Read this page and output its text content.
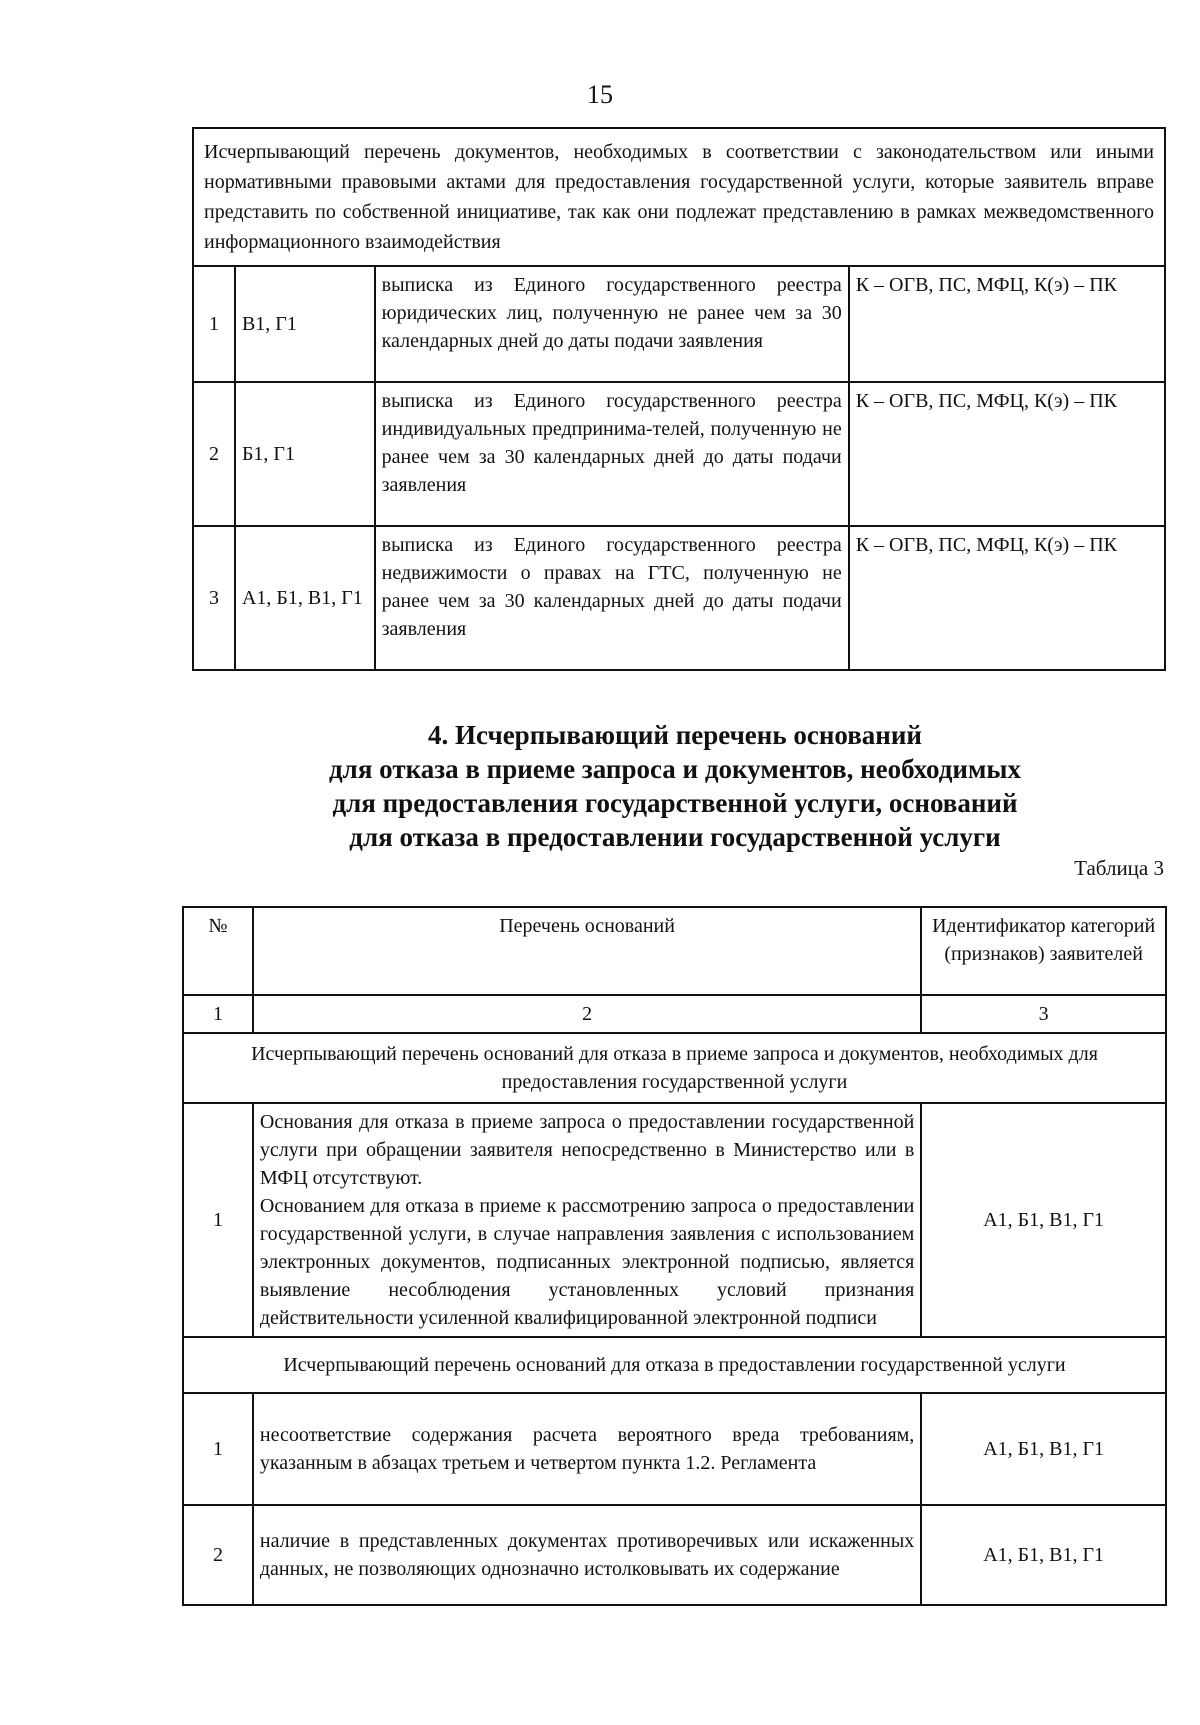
15
Исчерпывающий перечень документов, необходимых в соответствии с законодательством или иными нормативными правовыми актами для предоставления государственной услуги, которые заявитель вправе представить по собственной инициативе, так как они подлежат представлению в рамках межведомственного информационного взаимодействия			
1	В1, Г1	выписка из Единого государственного реестра юридических лиц, полученную не ранее чем за 30 календарных дней до даты подачи заявления	К – ОГВ, ПС, МФЦ, К(э) – ПК
2	Б1, Г1	выписка из Единого государственного реестра индивидуальных предпринима-телей, полученную не ранее чем за 30 календарных дней до даты подачи заявления	К – ОГВ, ПС, МФЦ, К(э) – ПК
3	А1, Б1, В1, Г1	выписка из Единого государственного реестра недвижимости о правах на ГТС, полученную не ранее чем за 30 календарных дней до даты подачи заявления	К – ОГВ, ПС, МФЦ, К(э) – ПК
4. Исчерпывающий перечень оснований
для отказа в приеме запроса и документов, необходимых
для предоставления государственной услуги, оснований
для отказа в предоставлении государственной услуги
Таблица 3
№	Перечень оснований	Идентификатор категорий (признаков) заявителей
1	2	3
Исчерпывающий перечень оснований для отказа в приеме запроса и документов, необходимых для предоставления государственной услуги		
1	Основания для отказа в приеме запроса о предоставлении государственной услуги при обращении заявителя непосредственно в Министерство или в МФЦ отсутствуют.
Основанием для отказа в приеме к рассмотрению запроса о предоставлении государственной услуги, в случае направления заявления с использованием электронных документов, подписанных электронной подписью, является выявление несоблюдения установленных условий признания действительности усиленной квалифицированной электронной подписи	А1, Б1, В1, Г1
Исчерпывающий перечень оснований для отказа в предоставлении государственной услуги		
1	несоответствие содержания расчета вероятного вреда требованиям, указанным в абзацах третьем и четвертом пункта 1.2. Регламента	А1, Б1, В1, Г1
2	наличие в представленных документах противоречивых или искаженных данных, не позволяющих однозначно истолковывать их содержание	А1, Б1, В1, Г1
